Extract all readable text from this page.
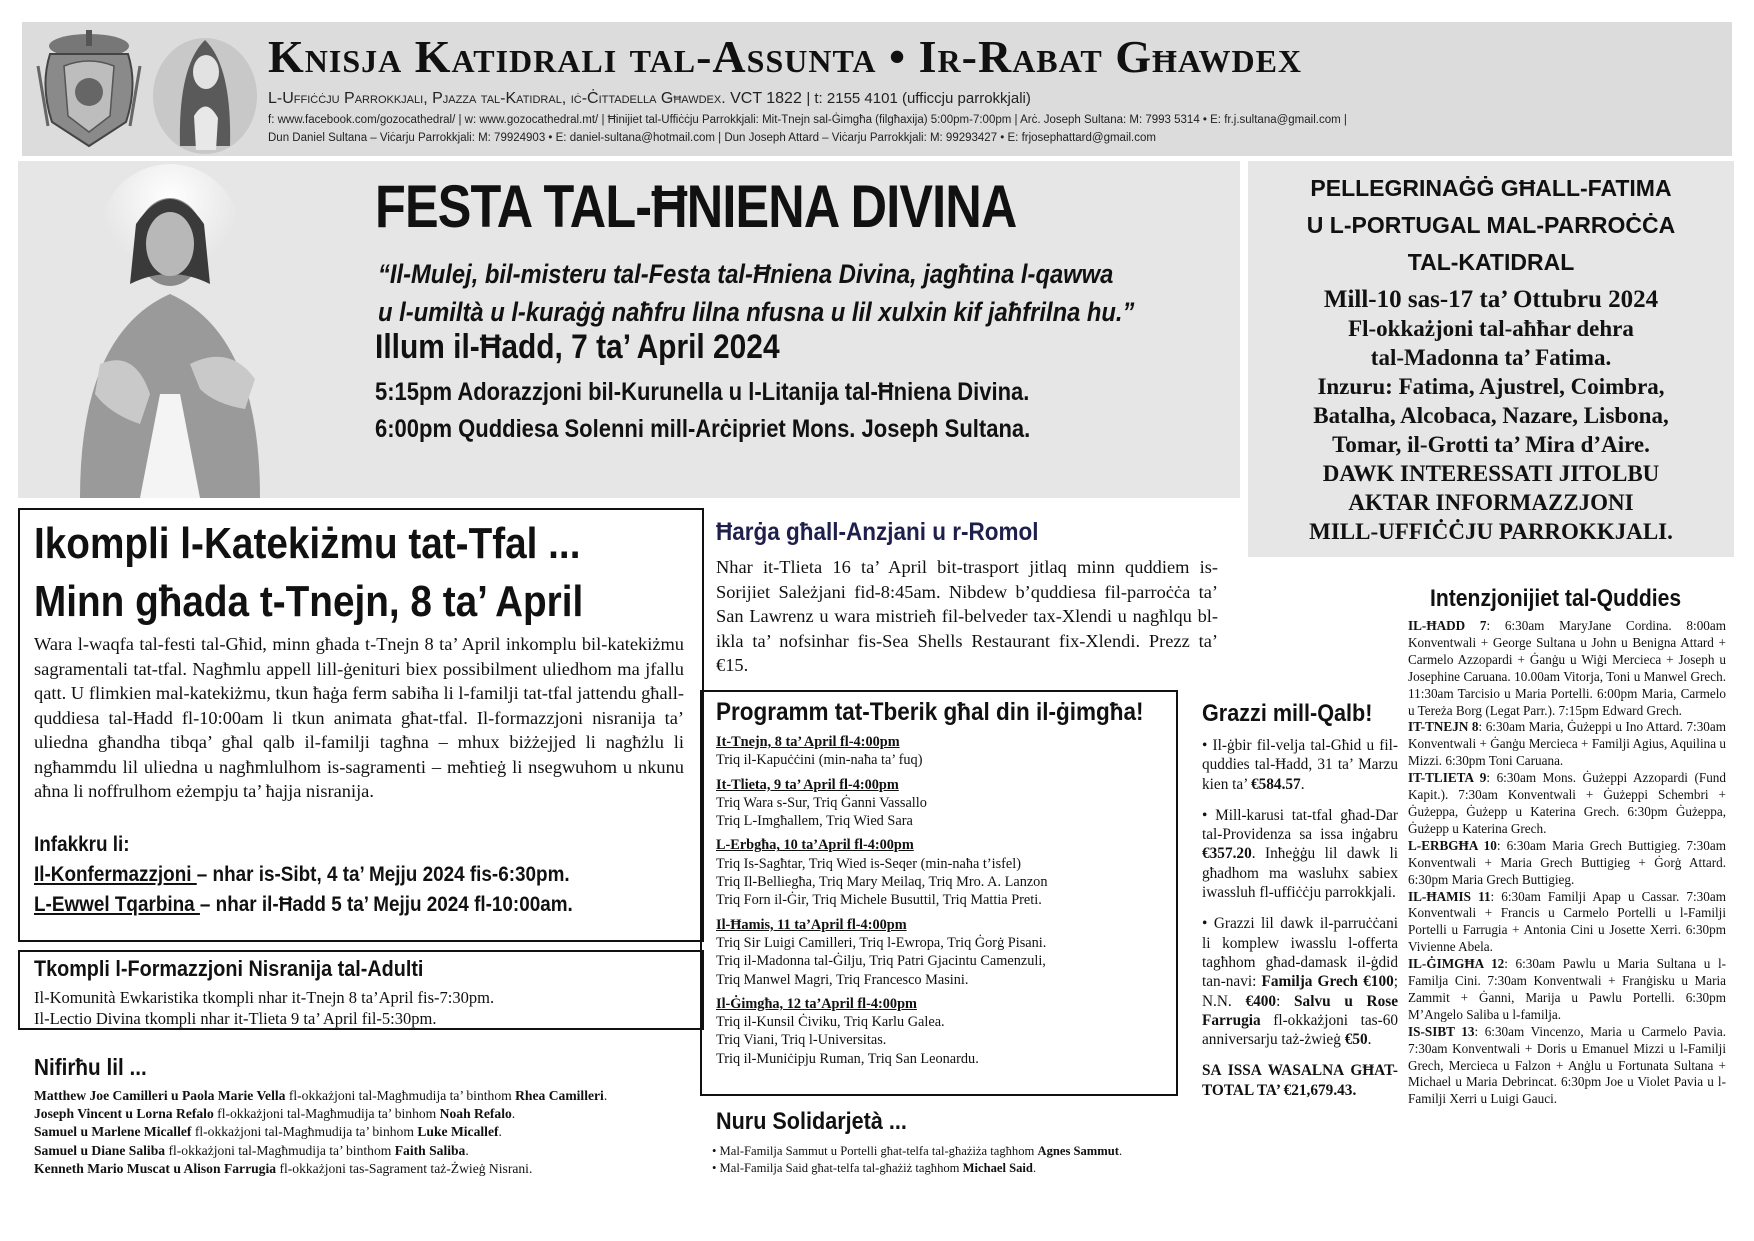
Knisja Katidrali tal-Assunta • Ir-Rabat Għawdex
L-Uffiċċju Parrokkjali, Pjazza tal-Katidral, iċ-Ċittadella Għawdex. VCT 1822 | t: 2155 4101 (ufficcju parrokkjali)
f: www.facebook.com/gozocathedral/ | w: www.gozocathedral.mt/ | Ħinijiet tal-Uffiċċju Parrokkjali: Mit-Tnejn sal-Ġimgħa (filgħaxija) 5:00pm-7:00pm | Arċ. Joseph Sultana: M: 7993 5314 • E: fr.j.sultana@gmail.com |
Dun Daniel Sultana – Viċarju Parrokkjali: M: 79924903 • E: daniel-sultana@hotmail.com | Dun Joseph Attard – Viċarju Parrokkjali: M: 99293427 • E: frjosephattard@gmail.com
FESTA TAL-ĦNIENA DIVINA
“Il-Mulej, bil-misteru tal-Festa tal-Ħniena Divina, jagħtina l-qawwa
u l-umiltà u l-kuraġġ naħfru lilna nfusna u lil xulxin kif jaħfrilna hu.”
Illum il-Ħadd, 7 ta’ April 2024
5:15pm Adorazzjoni bil-Kurunella u l-Litanija tal-Ħniena Divina.
6:00pm Quddiesa Solenni mill-Arċipriet Mons. Joseph Sultana.
PELLEGRINAĠĠ GĦALL-FATIMA
U L-PORTUGAL MAL-PARROĊĊA
TAL-KATIDRAL
Mill-10 sas-17 ta’ Ottubru 2024
Fl-okkażjoni tal-aħħar dehra
tal-Madonna ta’ Fatima.
Inzuru: Fatima, Ajustrel, Coimbra,
Batalha, Alcobaca, Nazare, Lisbona,
Tomar, il-Grotti ta’ Mira d’Aire.
DAWK INTERESSATI JITOLBU
AKTAR INFORMAZZJONI
MILL-UFFIĊĊJU PARROKKJALI.
Ikompli l-Katekiżmu tat-Tfal ...
Minn għada t-Tnejn, 8 ta’ April
Wara l-waqfa tal-festi tal-Għid, minn għada t-Tnejn 8 ta’ April inkomplu bil-katekiżmu sagramentali tat-tfal. Nagħmlu appell lill-ġenituri biex possibilment uliedhom ma jfallu qatt. U flimkien mal-katekiżmu, tkun ħaġa ferm sabiħa li l-familji tat-tfal jattendu għall-quddiesa tal-Ħadd fl-10:00am li tkun animata għat-tfal. Il-formazzjoni nisranija ta’ uliedna għandha tibqa’ għal qalb il-familji tagħna – mhux biżżejjed li nagħżlu li ngħammdu lil uliedna u nagħmlulhom is-sagramenti – meħtieġ li nsegwuhom u nkunu aħna li noffrulhom eżempju ta’ ħajja nisranija.
Infakkru li:
Il-Konfermazzjoni – nhar is-Sibt, 4 ta’ Mejju 2024 fis-6:30pm.
L-Ewwel Tqarbina – nhar il-Ħadd 5 ta’ Mejju 2024 fl-10:00am.
Tkompli l-Formazzjoni Nisranija tal-Adulti
Il-Komunità Ewkaristika tkompli nhar it-Tnejn 8 ta’April fis-7:30pm.
Il-Lectio Divina tkompli nhar it-Tlieta 9 ta’ April fil-5:30pm.
Nifirħu lil ...
Matthew Joe Camilleri u Paola Marie Vella fl-okkażjoni tal-Magħmudija ta’ binthom Rhea Camilleri.
Joseph Vincent u Lorna Refalo fl-okkażjoni tal-Magħmudija ta’ binhom Noah Refalo.
Samuel u Marlene Micallef fl-okkażjoni tal-Magħmudija ta’ binhom Luke Micallef.
Samuel u Diane Saliba fl-okkażjoni tal-Magħmudija ta’ binthom Faith Saliba.
Kenneth Mario Muscat u Alison Farrugia fl-okkażjoni tas-Sagrament taż-Żwieġ Nisrani.
Ħarġa għall-Anzjani u r-Romol
Nhar it-Tlieta 16 ta’ April bit-trasport jitlaq minn quddiem is-Sorijiet Sależjani fid-8:45am. Nibdew b’quddiesa fil-parroċċa ta’ San Lawrenz u wara mistrieħ fil-belveder tax-Xlendi u nagħlqu bl-ikla ta’ nofsinhar fis-Sea Shells Restaurant fix-Xlendi. Prezz ta’ €15.
Programm tat-Tberik għal din il-ġimgħa!
It-Tnejn, 8 ta’ April fl-4:00pm
Triq il-Kapuċċini (min-naħa ta’ fuq)
It-Tlieta, 9 ta’ April fl-4:00pm
Triq Wara s-Sur, Triq Ġanni Vassallo
Triq L-Imgħallem, Triq Wied Sara
L-Erbgħa, 10 ta’April fl-4:00pm
Triq Is-Sagħtar, Triq Wied is-Seqer (min-naħa t’isfel)
Triq Il-Belliegħa, Triq Mary Meilaq, Triq Mro. A. Lanzon
Triq Forn il-Ġir, Triq Michele Busuttil, Triq Mattia Preti.
Il-Ħamis, 11 ta’April fl-4:00pm
Triq Sir Luigi Camilleri, Triq l-Ewropa, Triq Ġorġ Pisani.
Triq il-Madonna tal-Ġilju, Triq Patri Gjacintu Camenzuli,
Triq Manwel Magri, Triq Francesco Masini.
Il-Ġimgħa, 12 ta’April fl-4:00pm
Triq il-Kunsil Ċiviku, Triq Karlu Galea.
Triq Viani, Triq l-Universitas.
Triq il-Muniċipju Ruman, Triq San Leonardu.
Nuru Solidarjetà ...
• Mal-Familja Sammut u Portelli għat-telfa tal-għażiża tagħhom Agnes Sammut.
• Mal-Familja Said għat-telfa tal-għażiż tagħhom Michael Said.
Grazzi mill-Qalb!

• Il-ġbir fil-velja tal-Għid u fil-quddies tal-Ħadd, 31 ta’ Marzu kien ta’ €584.57.

• Mill-karusi tat-tfal għad-Dar tal-Providenza sa issa inġabru €357.20. Inħeġġu lil dawk li għadhom ma wasluhx sabiex iwassluh fl-uffiċċju parrokkjali.

• Grazzi lil dawk il-parruċċani li komplew iwasslu l-offerta tagħhom għad-damask il-ġdid tan-navi: Familja Grech €100; N.N. €400: Salvu u Rose Farrugia fl-okkażjoni tas-60 anniversarju taż-żwieġ €50.

SA ISSA WASALNA GĦAT-TOTAL TA’ €21,679.43.
Intenzjonijiet tal-Quddies

IL-ĦADD 7: 6:30am MaryJane Cordina. 8:00am Konventwali + George Sultana u John u Benigna Attard + Carmelo Azzopardi + Ġanġu u Wiġi Mercieca + Joseph u Josephine Caruana. 10.00am Vitorja, Toni u Manwel Grech. 11:30am Tarcisio u Maria Portelli. 6:00pm Maria, Carmelo u Tereża Borg (Legat Parr.). 7:15pm Edward Grech.

IT-TNEJN 8: 6:30am Maria, Ġużeppi u Ino Attard. 7:30am Konventwali + Ġanġu Mercieca + Familji Agius, Aquilina u Mizzi. 6:30pm Toni Caruana.

IT-TLIETA 9: 6:30am Mons. Ġużeppi Azzopardi (Fund Kapit.). 7:30am Konventwali + Ġużeppi Schembri + Ġużeppa, Ġużepp u Katerina Grech. 6:30pm Ġużeppa, Ġużepp u Katerina Grech.

L-ERBGĦA 10: 6:30am Maria Grech Buttigieg. 7:30am Konventwali + Maria Grech Buttigieg + Ġorġ Attard. 6:30pm Maria Grech Buttigieg.

IL-ĦAMIS 11: 6:30am Familji Apap u Cassar. 7:30am Konventwali + Francis u Carmelo Portelli u l-Familji Portelli u Farrugia + Antonia Cini u Josette Xerri. 6:30pm Vivienne Abela.

IL-ĠIMGĦA 12: 6:30am Pawlu u Maria Sultana u l-Familja Cini. 7:30am Konventwali + Franġisku u Maria Zammit + Ġanni, Marija u Pawlu Portelli. 6:30pm M’Angelo Saliba u l-familja.

IS-SIBT 13: 6:30am Vincenzo, Maria u Carmelo Pavia. 7:30am Konventwali + Doris u Emanuel Mizzi u l-Familji Grech, Mercieca u Falzon + Anġlu u Fortunata Sultana + Michael u Maria Debrincat. 6:30pm Joe u Violet Pavia u l-Familji Xerri u Luigi Gauci.
